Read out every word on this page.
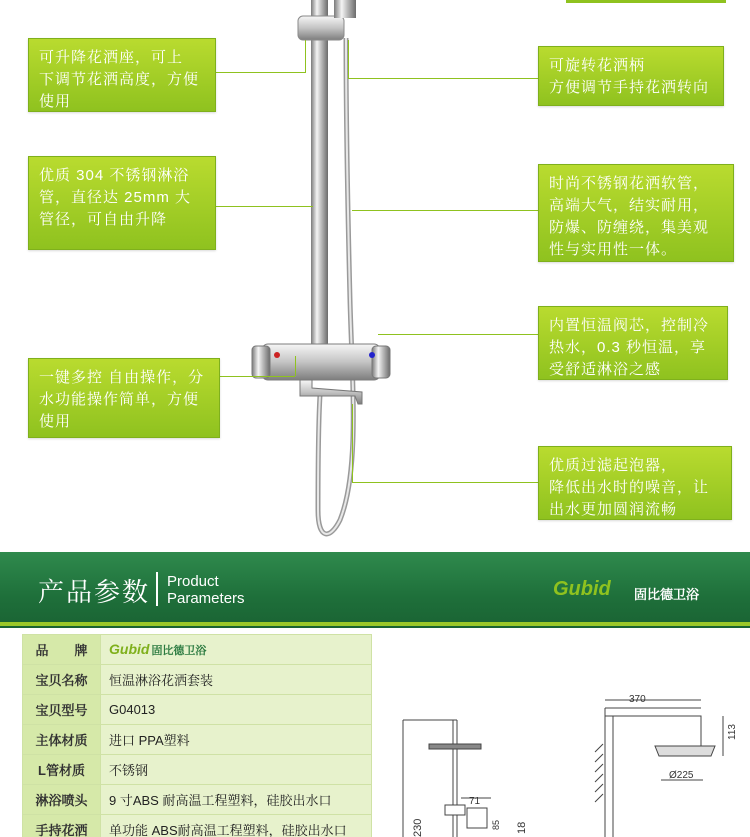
可升降花洒座，可上
下调节花洒高度，方便
使用
优质 304 不锈钢淋浴
管，直径达 25mm 大
管径，可自由升降
一键多控 自由操作，分
水功能操作简单，方便
使用
可旋转花洒柄
方便调节手持花洒转向
时尚不锈钢花洒软管，
高端大气，结实耐用，
防爆、防缠绕，集美观
性与实用性一体。
内置恒温阀芯，控制冷
热水，0.3 秒恒温，享
受舒适淋浴之感
优质过滤起泡器，
降低出水时的噪音，让
出水更加圆润流畅
产品参数 Product
Parameters	Gubid 固比德卫浴
品　　牌	Gubid 固比德卫浴
宝贝名称	恒温淋浴花洒套装
宝贝型号	G04013
主体材质	进口 PPA塑料
L管材质	不锈钢
淋浴喷头	9 寸ABS 耐高温工程塑料，硅胶出水口
手持花洒	单功能 ABS耐高温工程塑料，硅胶出水口
370
113
Ø225
71
230	85 18
